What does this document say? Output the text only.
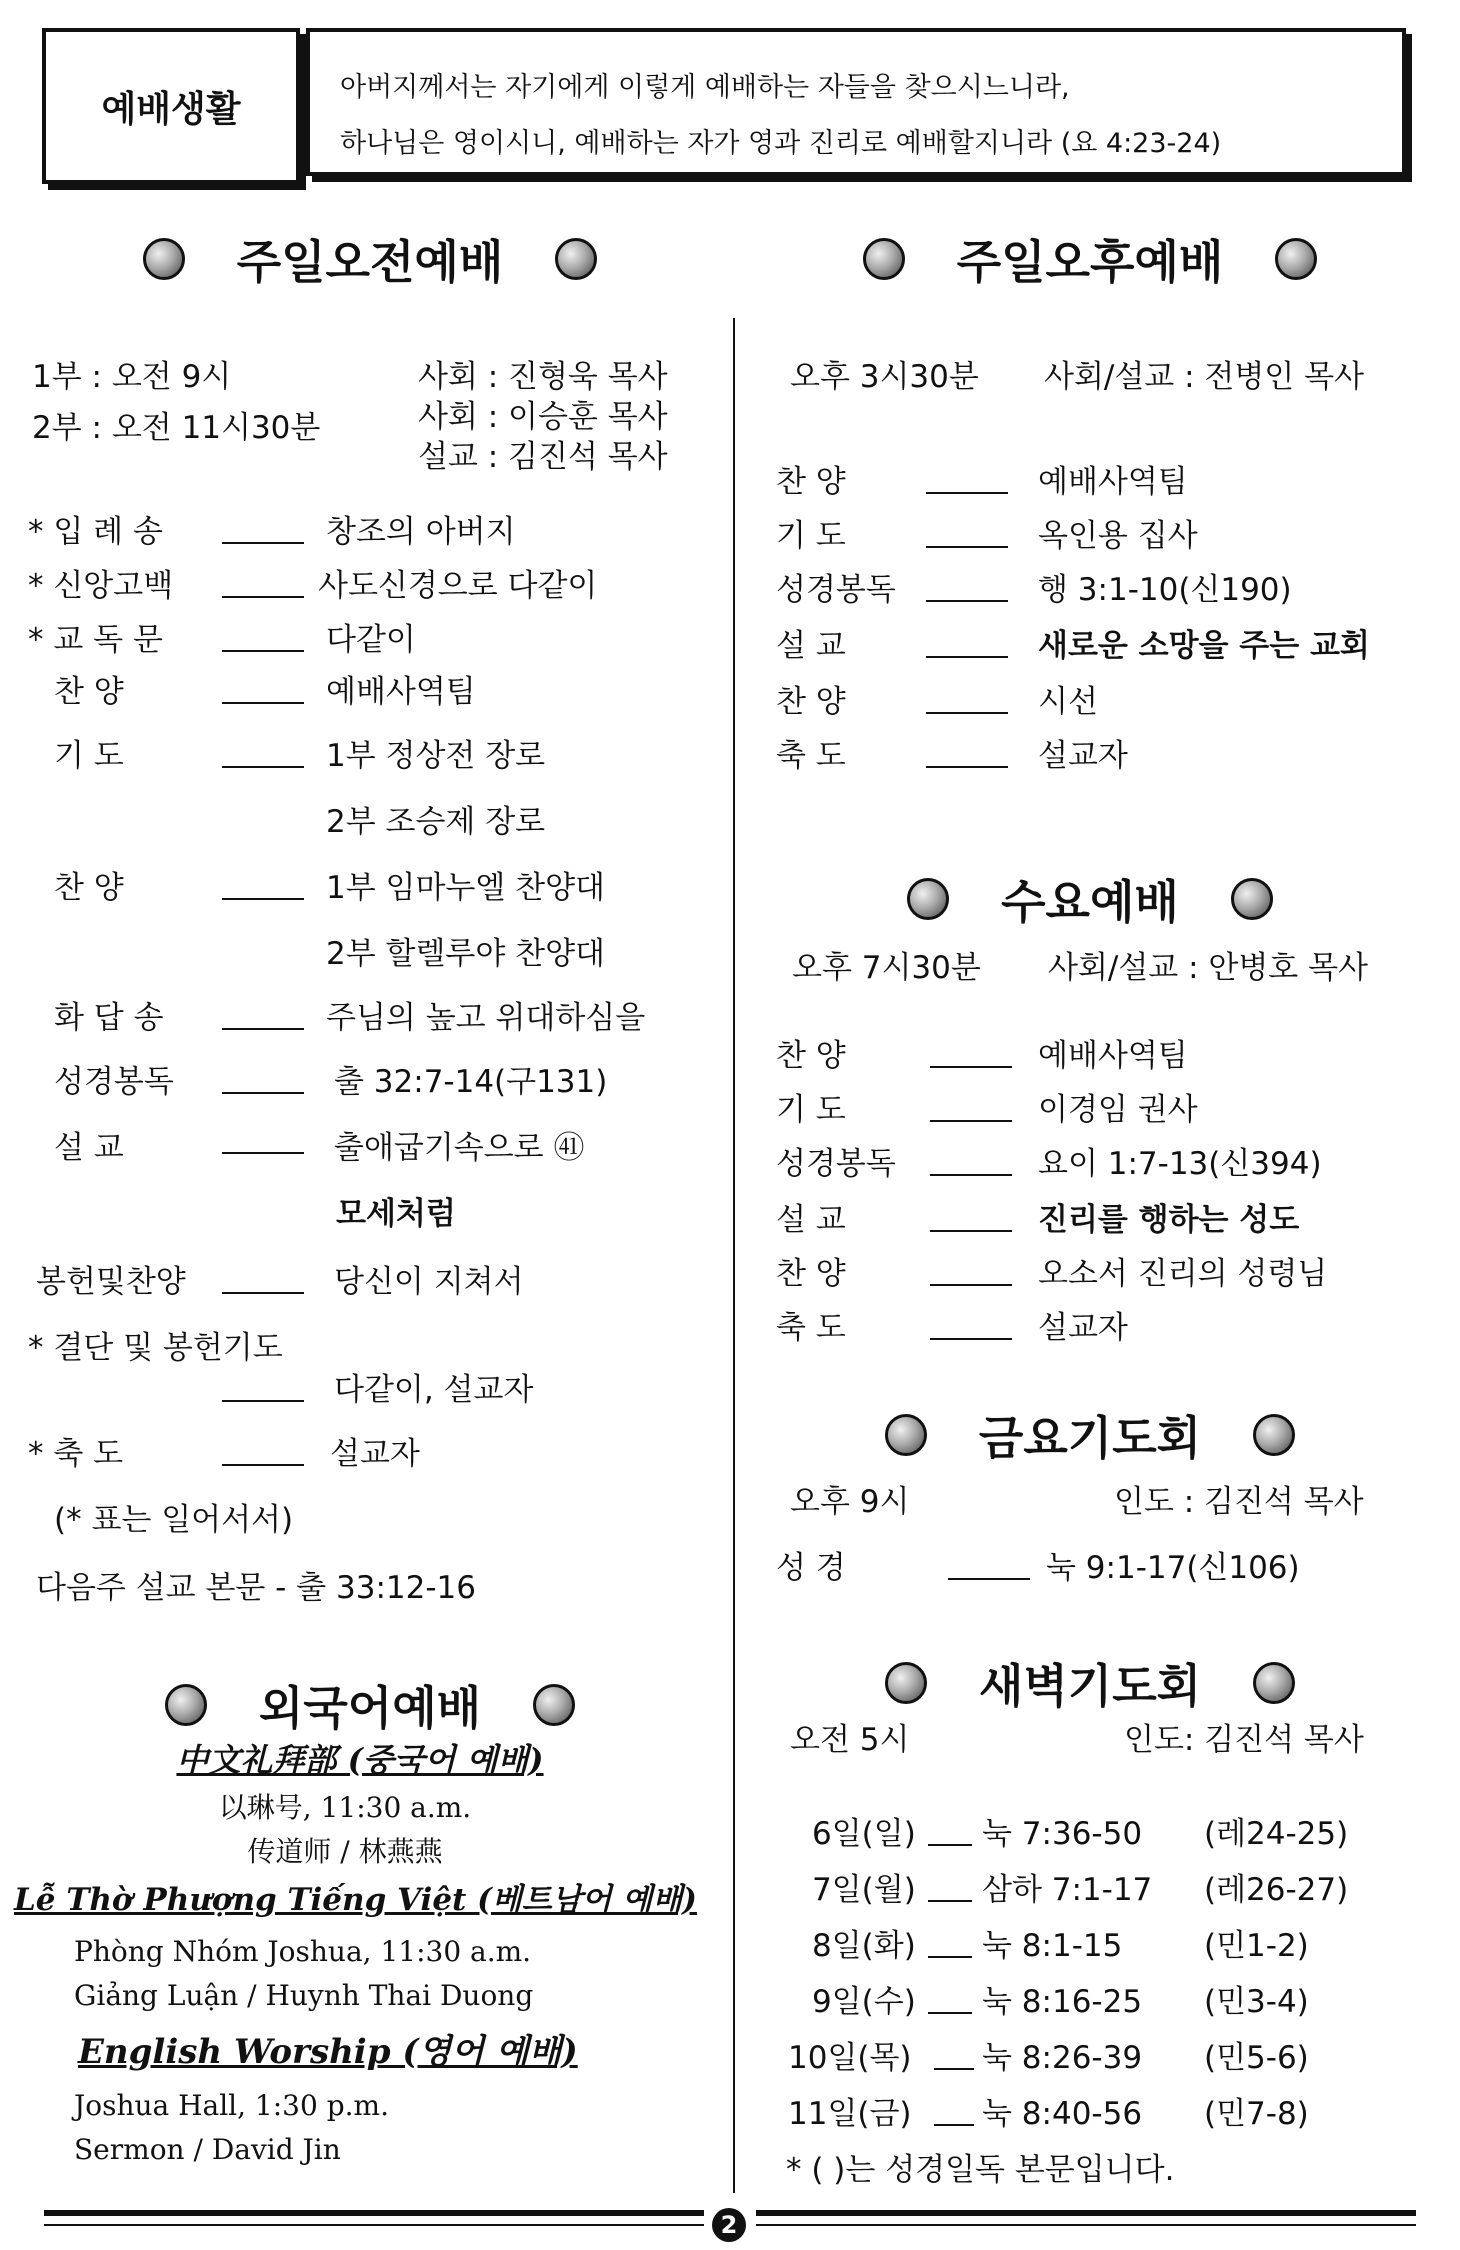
예배생활
아버지께서는 자기에게 이렇게 예배하는 자들을 찾으시느니라,
하나님은 영이시니, 예배하는 자가 영과 진리로 예배할지니라 (요 4:23-24)
주일오전예배
1부 : 오전 9시
2부 : 오전 11시30분
사회 : 진형욱 목사
사회 : 이승훈 목사
설교 : 김진석 목사
* 입 례 송	창조의 아버지
* 신앙고백	사도신경으로 다같이
* 교 독 문	다같이
찬 양	예배사역팀
기 도	1부 정상전 장로
2부 조승제 장로
찬 양	1부 임마누엘 찬양대
2부 할렐루야 찬양대
화 답 송	주님의 높고 위대하심을
성경봉독	출 32:7-14(구131)
설 교	출애굽기속으로 ㊶
모세처럼
봉헌및찬양	당신이 지쳐서
* 결단 및 봉헌기도
다같이, 설교자
* 축 도	설교자
(* 표는 일어서서)
다음주 설교 본문 - 출 33:12-16
외국어예배
中文礼拜部 (중국어 예배)
以琳号, 11:30 a.m.
传道师 / 林燕燕
Lễ Thờ Phượng Tiếng Việt (베트남어 예배)
Phòng Nhóm Joshua, 11:30 a.m.
Giảng Luận / Huynh Thai Duong
English Worship (영어 예배)
Joshua Hall, 1:30 p.m.
Sermon / David Jin
주일오후예배
오후 3시30분 사회/설교 : 전병인 목사
찬 양	예배사역팀
기 도	옥인용 집사
성경봉독	행 3:1-10(신190)
설 교	새로운 소망을 주는 교회
찬 양	시선
축 도	설교자
수요예배
오후 7시30분 사회/설교 : 안병호 목사
찬 양	예배사역팀
기 도	이경임 권사
성경봉독	요이 1:7-13(신394)
설 교	진리를 행하는 성도
찬 양	오소서 진리의 성령님
축 도	설교자
금요기도회
오후 9시	인도 : 김진석 목사
성 경	눅 9:1-17(신106)
새벽기도회
오전 5시	인도: 김진석 목사
6일(일) 눅 7:36-50 (레24-25)
7일(월) 삼하 7:1-17 (레26-27)
8일(화) 눅 8:1-15	(민1-2)
9일(수) 눅 8:16-25 (민3-4)
10일(목) 눅 8:26-39 (민5-6)
11일(금) 눅 8:40-56 (민7-8)
* ( )는 성경일독 본문입니다.
2
